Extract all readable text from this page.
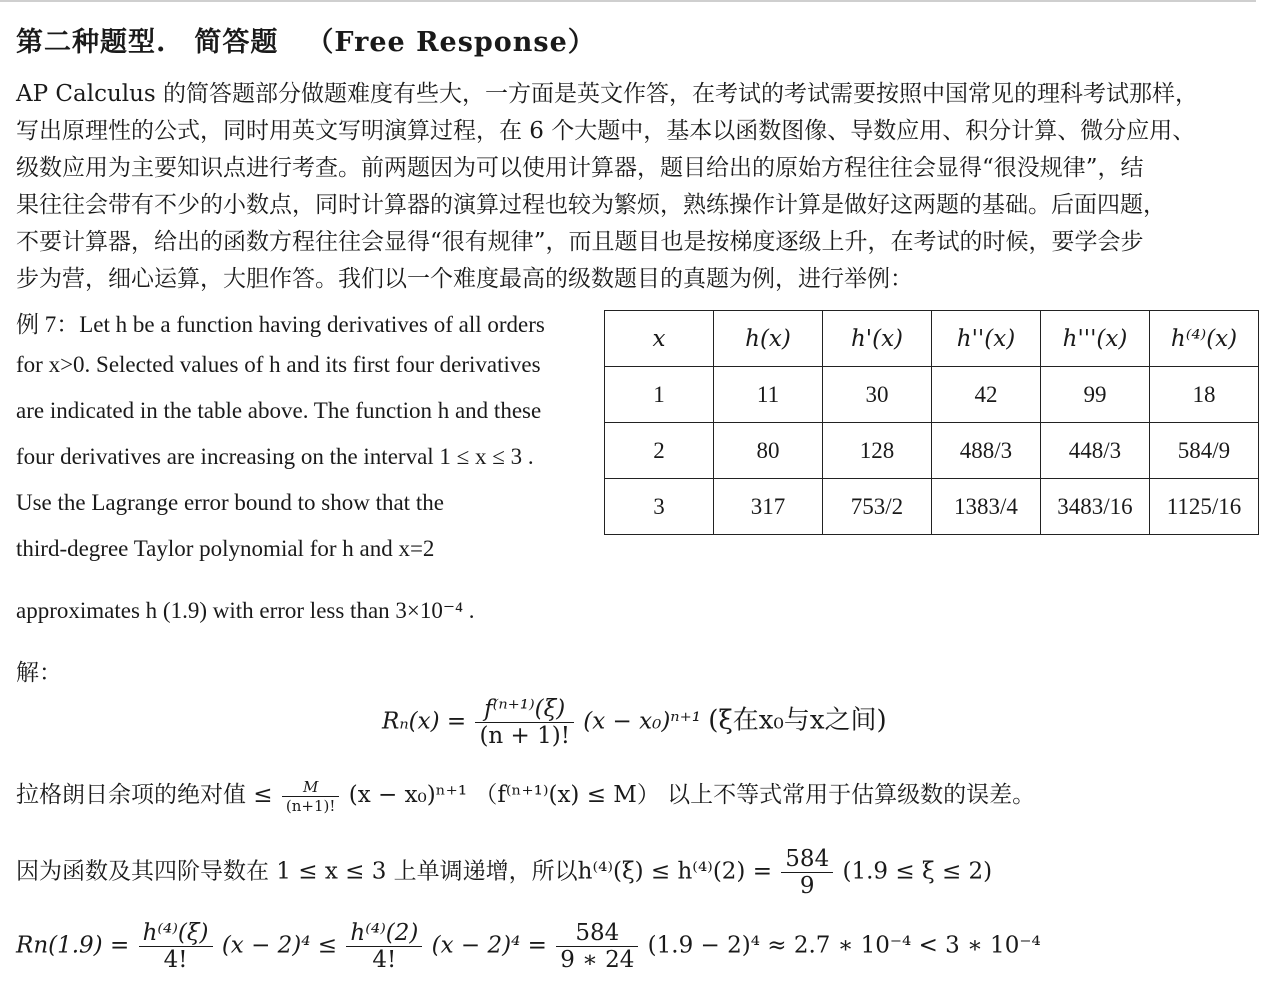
第二种题型.　简答题 （Free Response）
AP Calculus 的简答题部分做题难度有些大，一方面是英文作答，在考试的考试需要按照中国常见的理科考试那样，
写出原理性的公式，同时用英文写明演算过程，在 6 个大题中，基本以函数图像、导数应用、积分计算、微分应用、
级数应用为主要知识点进行考查。前两题因为可以使用计算器，题目给出的原始方程往往会显得“很没规律”，结
果往往会带有不少的小数点，同时计算器的演算过程也较为繁烦，熟练操作计算是做好这两题的基础。后面四题，
不要计算器，给出的函数方程往往会显得“很有规律”，而且题目也是按梯度逐级上升，在考试的时候，要学会步
步为营，细心运算，大胆作答。我们以一个难度最高的级数题目的真题为例，进行举例：
例 7：Let h be a function having derivatives of all orders
for x>0. Selected values of h and its first four derivatives
are indicated in the table above. The function h and these
four derivatives are increasing on the interval 1 ≤ x ≤ 3 .
Use the Lagrange error bound to show that the
third-degree Taylor polynomial for h and x=2
approximates h (1.9) with error less than 3×10⁻⁴ .
x	h(x)	h'(x)	h''(x)	h'''(x)	h⁽⁴⁾(x)
1	11	30	42	99	18
2	80	128	488/3	448/3	584/9
3	317	753/2	1383/4	3483/16	1125/16
解：
$R_n(x) = \frac{\text{f⁽ⁿ⁺¹⁾(ξ)}}{(n + 1)!} (x - x_0)^{n+1}$ (ξ在x₀与x之间)
拉格朗日余项的绝对值 ≤ $\frac{M}{(n+1)!} (x - x_0)^{n+1}$ （f⁽ⁿ⁺¹⁾(x) ≤ M） 以上不等式常用于估算级数的误差。
因为函数及其四阶导数在 1 ≤ x ≤ 3 上单调递增，所以$h^{(4)}(\xi) \le h^{(4)}(2) = \frac{584}{9} (1.9 \le \xi \le 2)$
$Rn(1.9) = \frac{\text{h⁽⁴⁾(ξ)}}{4!} (x - 2)^4 \le \frac{\text{h⁽⁴⁾(2)}}{4!} (x - 2)^4 = \frac{584}{9 ∗ 24} (1.9 - 2)^4 \approx 2.7$ ∗ 10⁻⁴ < 3 ∗ 10⁻⁴
